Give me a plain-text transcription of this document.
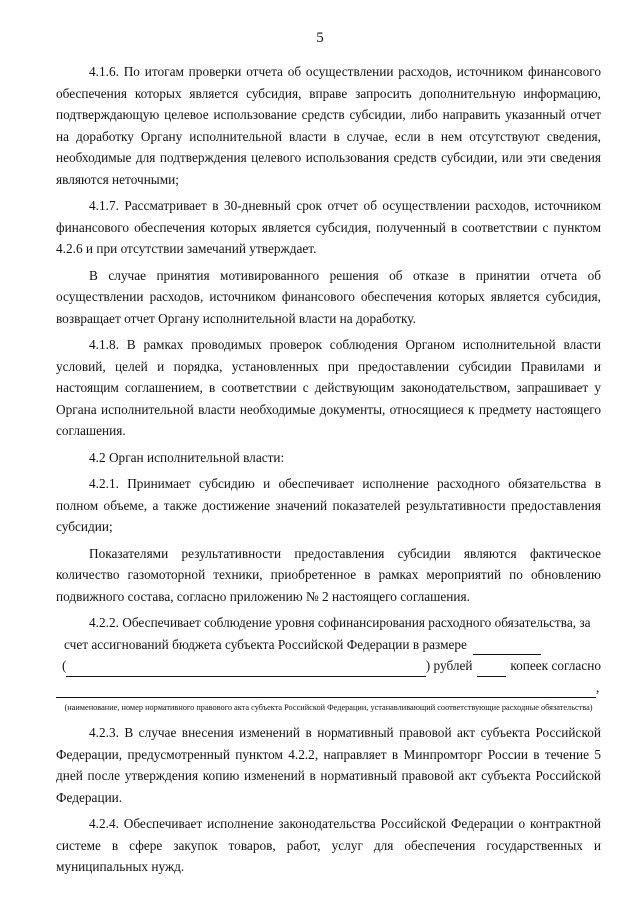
5

4.1.6. По итогам проверки отчета об осуществлении расходов, источником финансового обеспечения которых является субсидия, вправе запросить дополнительную информацию, подтверждающую целевое использование средств субсидии, либо направить указанный отчет на доработку Органу исполнительной власти в случае, если в нем отсутствуют сведения, необходимые для подтверждения целевого использования средств субсидии, или эти сведения являются неточными;

4.1.7. Рассматривает в 30-дневный срок отчет об осуществлении расходов, источником финансового обеспечения которых является субсидия, полученный в соответствии с пунктом 4.2.6 и при отсутствии замечаний утверждает.

В случае принятия мотивированного решения об отказе в принятии отчета об осуществлении расходов, источником финансового обеспечения которых является субсидия, возвращает отчет Органу исполнительной власти на доработку.

4.1.8. В рамках проводимых проверок соблюдения Органом исполнительной власти условий, целей и порядка, установленных при предоставлении субсидии Правилами и настоящим соглашением, в соответствии с действующим законодательством, запрашивает у Органа исполнительной власти необходимые документы, относящиеся к предмету настоящего соглашения.

4.2 Орган исполнительной власти:

4.2.1. Принимает субсидию и обеспечивает исполнение расходного обязательства в полном объеме, а также достижение значений показателей результативности предоставления субсидии;

Показателями результативности предоставления субсидии являются фактическое количество газомоторной техники, приобретенное в рамках мероприятий по обновлению подвижного состава, согласно приложению № 2 настоящего соглашения.

4.2.2. Обеспечивает соблюдение уровня софинансирования расходного обязательства, за

счет ассигнований бюджета субъекта Российской Федерации в размере
(	) рублей	копеек согласно
,

(наименование, номер нормативного правового акта субъекта Российской Федерации, устанавливающий соответствующие расходные обязательства)

4.2.3. В случае внесения изменений в нормативный правовой акт субъекта Российской Федерации, предусмотренный пунктом 4.2.2, направляет в Минпромторг России в течение 5 дней после утверждения копию изменений в нормативный правовой акт субъекта Российской Федерации.

4.2.4. Обеспечивает исполнение законодательства Российской Федерации о контрактной системе в сфере закупок товаров, работ, услуг для обеспечения государственных и муниципальных нужд.
